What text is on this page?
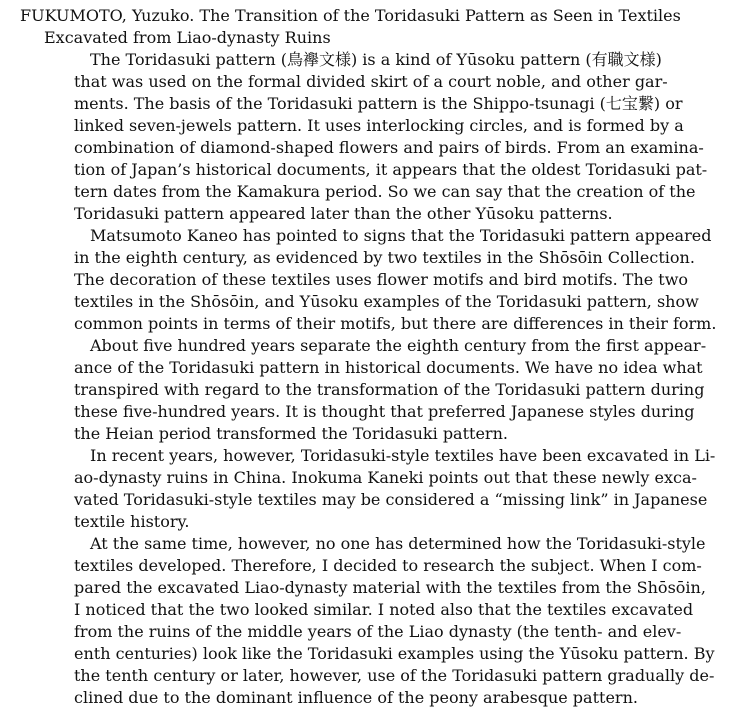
FUKUMOTO, Yuzuko. The Transition of the Toridasuki Pattern as Seen in Textiles
Excavated from Liao-dynasty Ruins

The Toridasuki pattern (鳥襷文様) is a kind of Yūsoku pattern (有職文様)
that was used on the formal divided skirt of a court noble, and other gar-
ments. The basis of the Toridasuki pattern is the Shippo-tsunagi (七宝繋) or
linked seven-jewels pattern. It uses interlocking circles, and is formed by a
combination of diamond-shaped flowers and pairs of birds. From an examina-
tion of Japan’s historical documents, it appears that the oldest Toridasuki pat-
tern dates from the Kamakura period. So we can say that the creation of the
Toridasuki pattern appeared later than the other Yūsoku patterns.

Matsumoto Kaneo has pointed to signs that the Toridasuki pattern appeared
in the eighth century, as evidenced by two textiles in the Shōsōin Collection.
The decoration of these textiles uses flower motifs and bird motifs. The two
textiles in the Shōsōin, and Yūsoku examples of the Toridasuki pattern, show
common points in terms of their motifs, but there are differences in their form.

About five hundred years separate the eighth century from the first appear-
ance of the Toridasuki pattern in historical documents. We have no idea what
transpired with regard to the transformation of the Toridasuki pattern during
these five-hundred years. It is thought that preferred Japanese styles during
the Heian period transformed the Toridasuki pattern.

In recent years, however, Toridasuki-style textiles have been excavated in Li-
ao-dynasty ruins in China. Inokuma Kaneki points out that these newly exca-
vated Toridasuki-style textiles may be considered a “missing link” in Japanese
textile history.

At the same time, however, no one has determined how the Toridasuki-style
textiles developed. Therefore, I decided to research the subject. When I com-
pared the excavated Liao-dynasty material with the textiles from the Shōsōin,
I noticed that the two looked similar. I noted also that the textiles excavated
from the ruins of the middle years of the Liao dynasty (the tenth- and elev-
enth centuries) look like the Toridasuki examples using the Yūsoku pattern. By
the tenth century or later, however, use of the Toridasuki pattern gradually de-
clined due to the dominant influence of the peony arabesque pattern.
